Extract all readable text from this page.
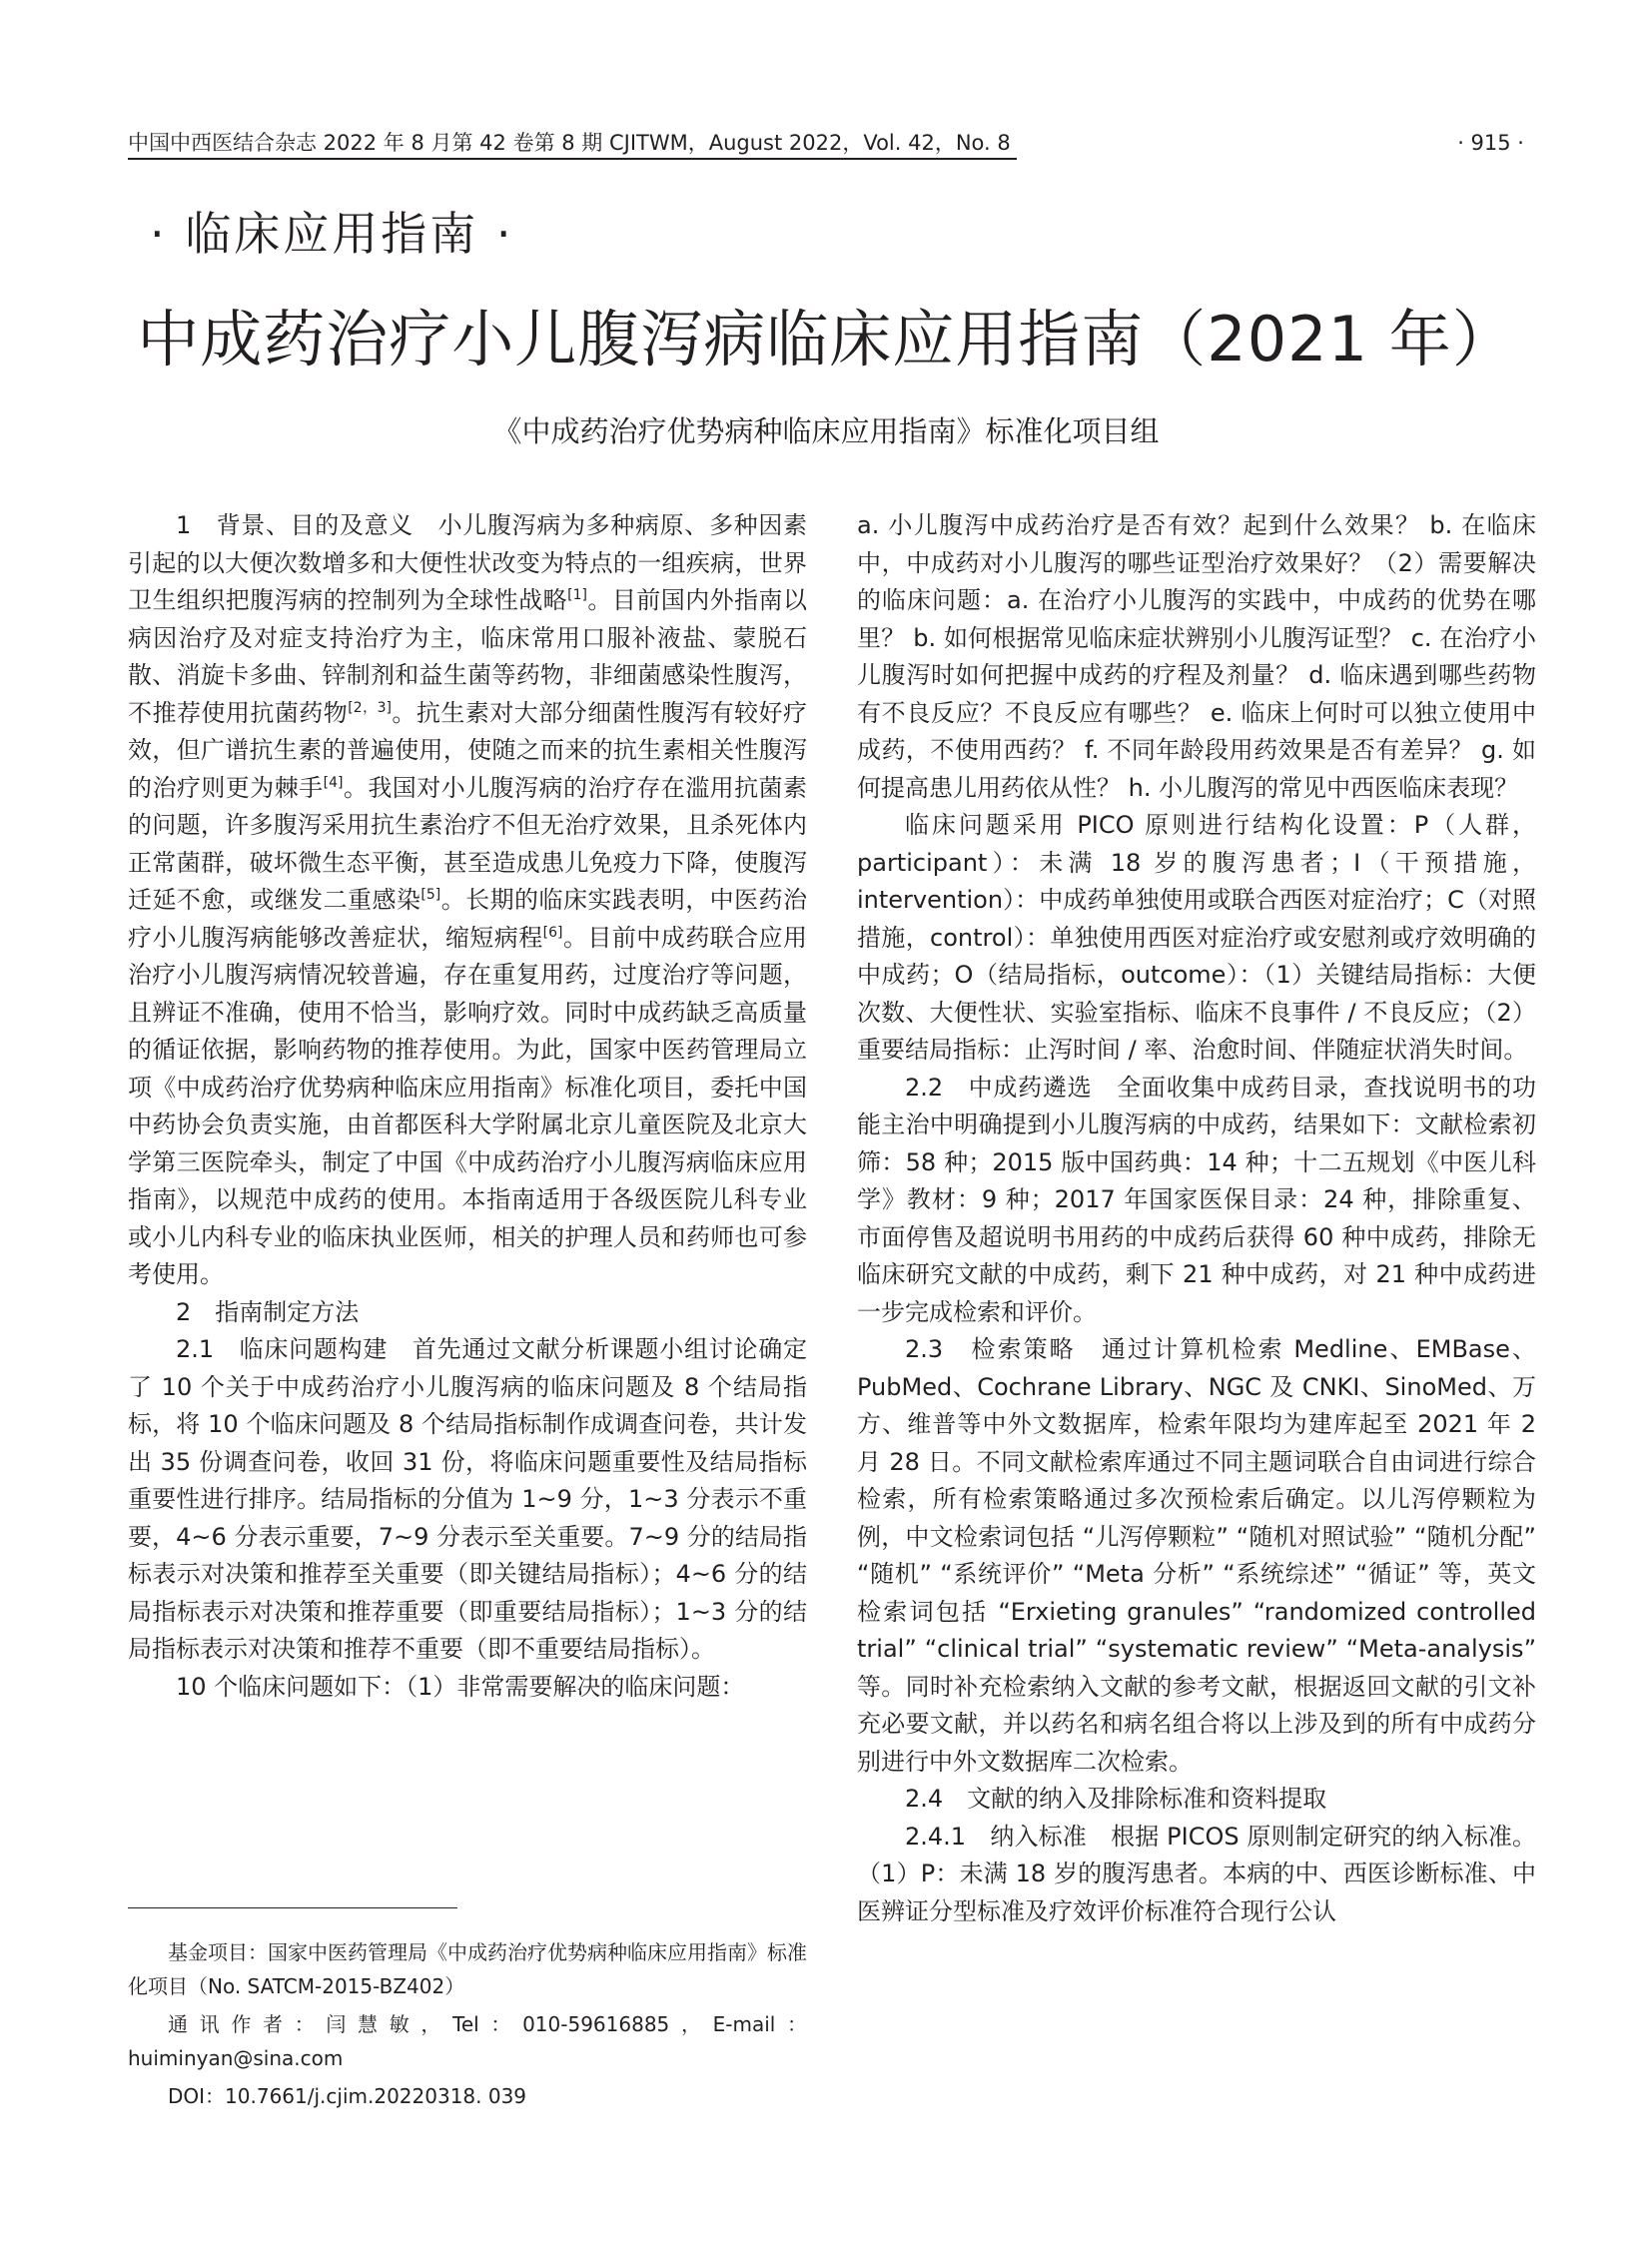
中国中西医结合杂志 2022 年 8 月第 42 卷第 8 期 CJITWM，August 2022，Vol. 42，No. 8	· 915 ·
· 临床应用指南 ·
中成药治疗小儿腹泻病临床应用指南（2021 年）
《中成药治疗优势病种临床应用指南》标准化项目组

1　背景、目的及意义　小儿腹泻病为多种病原、多种因素引起的以大便次数增多和大便性状改变为特点的一组疾病，世界卫生组织把腹泻病的控制列为全球性战略[1]。目前国内外指南以病因治疗及对症支持治疗为主，临床常用口服补液盐、蒙脱石散、消旋卡多曲、锌制剂和益生菌等药物，非细菌感染性腹泻，不推荐使用抗菌药物[2，3]。抗生素对大部分细菌性腹泻有较好疗效，但广谱抗生素的普遍使用，使随之而来的抗生素相关性腹泻的治疗则更为棘手[4]。我国对小儿腹泻病的治疗存在滥用抗菌素的问题，许多腹泻采用抗生素治疗不但无治疗效果，且杀死体内正常菌群，破坏微生态平衡，甚至造成患儿免疫力下降，使腹泻迁延不愈，或继发二重感染[5]。长期的临床实践表明，中医药治疗小儿腹泻病能够改善症状，缩短病程[6]。目前中成药联合应用治疗小儿腹泻病情况较普遍，存在重复用药，过度治疗等问题，且辨证不准确，使用不恰当，影响疗效。同时中成药缺乏高质量的循证依据，影响药物的推荐使用。为此，国家中医药管理局立项《中成药治疗优势病种临床应用指南》标准化项目，委托中国中药协会负责实施，由首都医科大学附属北京儿童医院及北京大学第三医院牵头，制定了中国《中成药治疗小儿腹泻病临床应用指南》，以规范中成药的使用。本指南适用于各级医院儿科专业或小儿内科专业的临床执业医师，相关的护理人员和药师也可参考使用。

2　指南制定方法

2.1　临床问题构建　首先通过文献分析课题小组讨论确定了 10 个关于中成药治疗小儿腹泻病的临床问题及 8 个结局指标，将 10 个临床问题及 8 个结局指标制作成调查问卷，共计发出 35 份调查问卷，收回 31 份，将临床问题重要性及结局指标重要性进行排序。结局指标的分值为 1~9 分，1~3 分表示不重要，4~6 分表示重要，7~9 分表示至关重要。7~9 分的结局指标表示对决策和推荐至关重要（即关键结局指标）；4~6 分的结局指标表示对决策和推荐重要（即重要结局指标）；1~3 分的结局指标表示对决策和推荐不重要（即不重要结局指标）。

10 个临床问题如下：（1）非常需要解决的临床问题：

a. 小儿腹泻中成药治疗是否有效？起到什么效果？ b. 在临床中，中成药对小儿腹泻的哪些证型治疗效果好？（2）需要解决的临床问题：a. 在治疗小儿腹泻的实践中，中成药的优势在哪里？ b. 如何根据常见临床症状辨别小儿腹泻证型？ c. 在治疗小儿腹泻时如何把握中成药的疗程及剂量？ d. 临床遇到哪些药物有不良反应？不良反应有哪些？ e. 临床上何时可以独立使用中成药，不使用西药？ f. 不同年龄段用药效果是否有差异？ g. 如何提高患儿用药依从性？ h. 小儿腹泻的常见中西医临床表现？

临床问题采用 PICO 原则进行结构化设置：P（人群，participant）：未满 18 岁的腹泻患者；I（干预措施，intervention）：中成药单独使用或联合西医对症治疗；C（对照措施，control）：单独使用西医对症治疗或安慰剂或疗效明确的中成药；O（结局指标，outcome）：（1）关键结局指标：大便次数、大便性状、实验室指标、临床不良事件 / 不良反应；（2）重要结局指标：止泻时间 / 率、治愈时间、伴随症状消失时间。

2.2　中成药遴选　全面收集中成药目录，查找说明书的功能主治中明确提到小儿腹泻病的中成药，结果如下：文献检索初筛：58 种；2015 版中国药典：14 种；十二五规划《中医儿科学》教材：9 种；2017 年国家医保目录：24 种，排除重复、市面停售及超说明书用药的中成药后获得 60 种中成药，排除无临床研究文献的中成药，剩下 21 种中成药，对 21 种中成药进一步完成检索和评价。

2.3　检索策略　通过计算机检索 Medline、EMBase、PubMed、Cochrane Library、NGC 及 CNKI、SinoMed、万方、维普等中外文数据库，检索年限均为建库起至 2021 年 2 月 28 日。不同文献检索库通过不同主题词联合自由词进行综合检索，所有检索策略通过多次预检索后确定。以儿泻停颗粒为例，中文检索词包括 “儿泻停颗粒” “随机对照试验” “随机分配” “随机” “系统评价” “Meta 分析” “系统综述” “循证” 等，英文检索词包括 “Erxieting granules” “randomized controlled trial” “clinical trial” “systematic review” “Meta-analysis” 等。同时补充检索纳入文献的参考文献，根据返回文献的引文补充必要文献，并以药名和病名组合将以上涉及到的所有中成药分别进行中外文数据库二次检索。

2.4　文献的纳入及排除标准和资料提取

2.4.1　纳入标准　根据 PICOS 原则制定研究的纳入标准。（1）P：未满 18 岁的腹泻患者。本病的中、西医诊断标准、中医辨证分型标准及疗效评价标准符合现行公认

基金项目：国家中医药管理局《中成药治疗优势病种临床应用指南》标准化项目（No. SATCM-2015-BZ402）

通讯作者：闫慧敏，Tel：010-59616885，E-mail：huiminyan@sina.com

DOI：10.7661/j.cjim.20220318. 039
